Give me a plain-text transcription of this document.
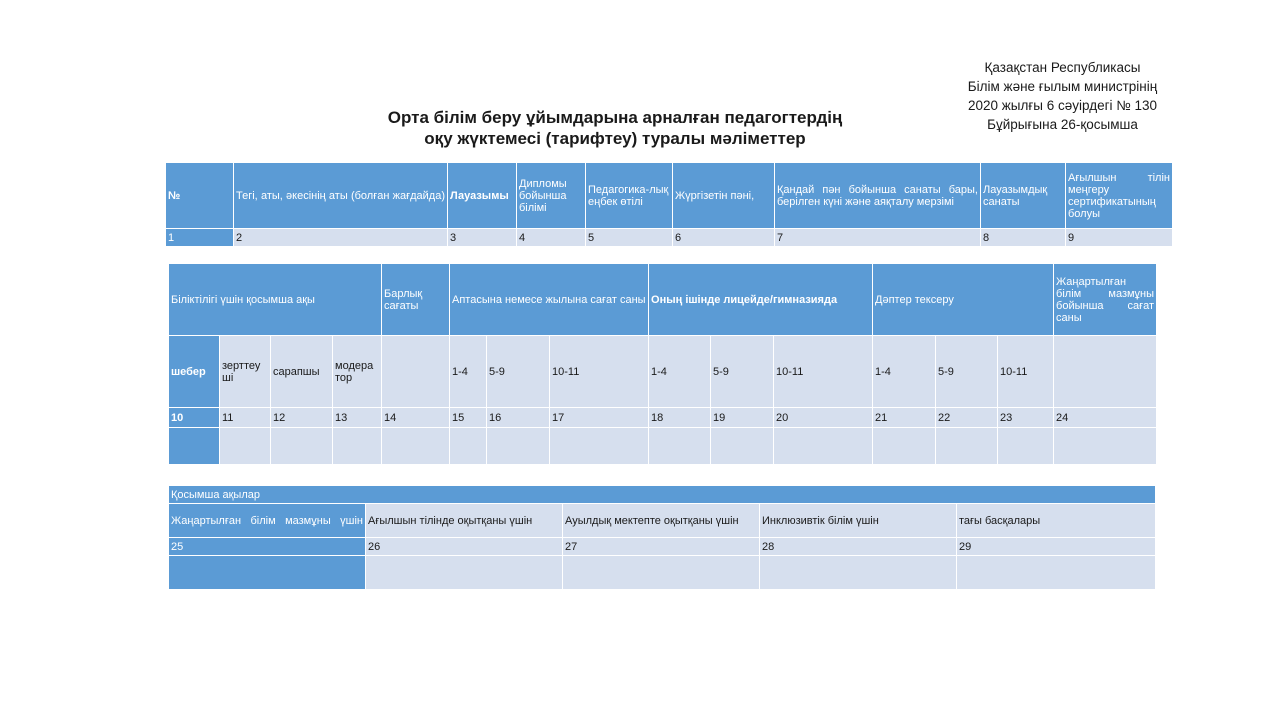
Қазақстан Республикасы
Білім және ғылым министрінің
2020 жылғы 6 сәуірдегі № 130
Бұйрығына 26-қосымша
Орта білім беру ұйымдарына арналған педагогтердің
оқу жүктемесі (тарифтеу) туралы мәліметтер
№	Тегі, аты, әкесінің аты (болған жағдайда)	Лауазымы	Дипломы бойынша білімі	Педагогика-лық еңбек өтілі	Жүргізетін пәні,	Қандай пән бойынша санаты бары, берілген күні және аяқталу мерзімі	Лауазымдық санаты	Ағылшын тілін меңгеру сертификатының болуы
1	2	3	4	5	6	7	8	9
Біліктілігі үшін қосымша ақы				Барлық сағаты	Аптасына немесе жылына сағат саны			Оның ішінде лицейде/гимназияда			Дәптер тексеру			Жаңартылған білім мазмұны бойынша сағат саны
шебер	зерттеу ші	сарапшы	модера тор		1-4	5-9	10-11	1-4	5-9	10-11	1-4	5-9	10-11	
10	11	12	13	14	15	16	17	18	19	20	21	22	23	24

Қосымша ақылар				
Жаңартылған білім мазмұны үшін	Ағылшын тілінде оқытқаны үшін	Ауылдық мектепте оқытқаны үшін	Инклюзивтік білім үшін	тағы басқалары
25	26	27	28	29
